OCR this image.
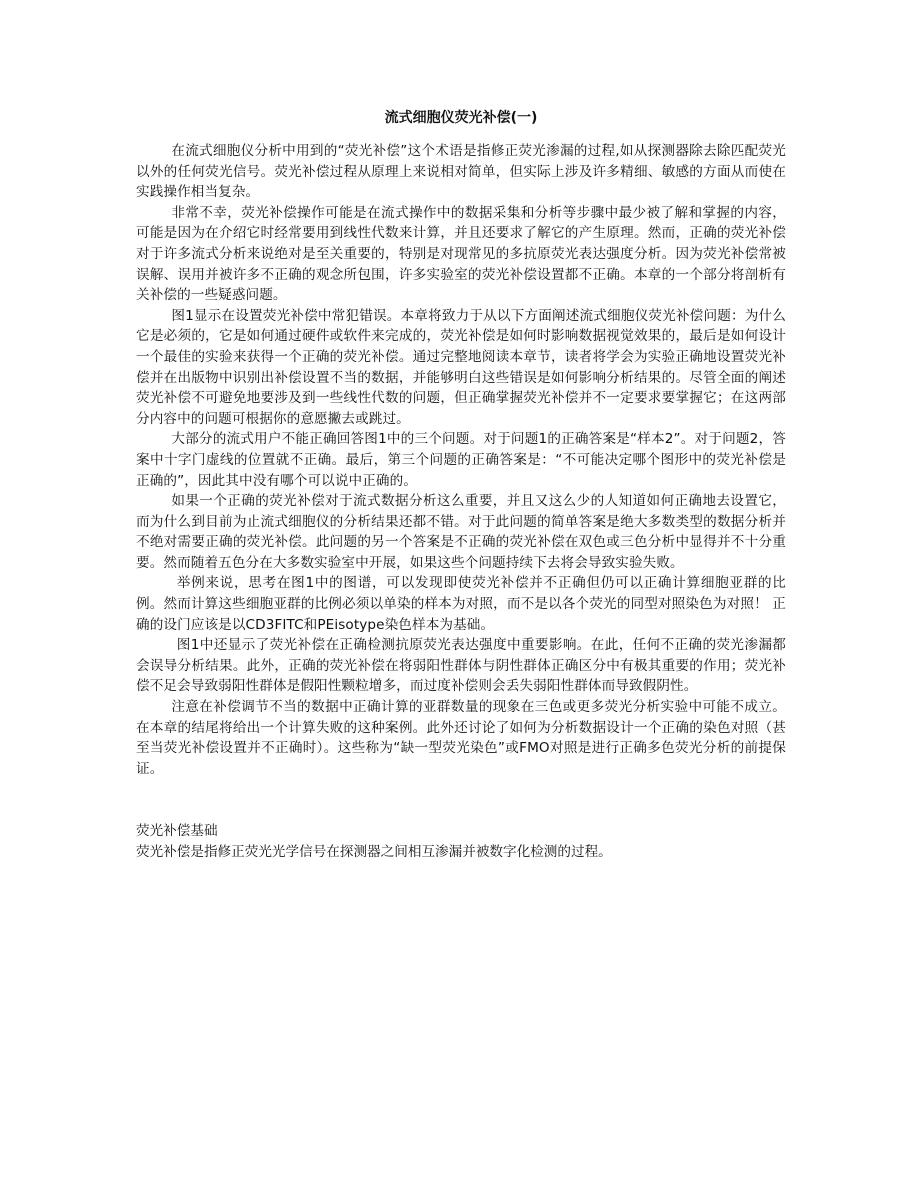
流式细胞仪荧光补偿(一)

在流式细胞仪分析中用到的“荧光补偿”这个术语是指修正荧光渗漏的过程,如从探测器除去除匹配荧光以外的任何荧光信号。荧光补偿过程从原理上来说相对简单，但实际上涉及许多精细、敏感的方面从而使在实践操作相当复杂。

非常不幸，荧光补偿操作可能是在流式操作中的数据采集和分析等步骤中最少被了解和掌握的内容，可能是因为在介绍它时经常要用到线性代数来计算，并且还要求了解它的产生原理。然而，正确的荧光补偿对于许多流式分析来说绝对是至关重要的，特别是对现常见的多抗原荧光表达强度分析。因为荧光补偿常被误解、误用并被许多不正确的观念所包围，许多实验室的荧光补偿设置都不正确。本章的一个部分将剖析有关补偿的一些疑惑问题。

图1显示在设置荧光补偿中常犯错误。本章将致力于从以下方面阐述流式细胞仪荧光补偿问题：为什么它是必须的，它是如何通过硬件或软件来完成的，荧光补偿是如何时影响数据视觉效果的，最后是如何设计一个最佳的实验来获得一个正确的荧光补偿。通过完整地阅读本章节，读者将学会为实验正确地设置荧光补偿并在出版物中识别出补偿设置不当的数据，并能够明白这些错误是如何影响分析结果的。尽管全面的阐述荧光补偿不可避免地要涉及到一些线性代数的问题，但正确掌握荧光补偿并不一定要求要掌握它；在这两部分内容中的问题可根据你的意愿撇去或跳过。

大部分的流式用户不能正确回答图1中的三个问题。对于问题1的正确答案是“样本2”。对于问题2，答案中十字门虚线的位置就不正确。最后，第三个问题的正确答案是：“不可能决定哪个图形中的荧光补偿是正确的”，因此其中没有哪个可以说中正确的。

如果一个正确的荧光补偿对于流式数据分析这么重要，并且又这么少的人知道如何正确地去设置它，而为什么到目前为止流式细胞仪的分析结果还都不错。对于此问题的简单答案是绝大多数类型的数据分析并不绝对需要正确的荧光补偿。此问题的另一个答案是不正确的荧光补偿在双色或三色分析中显得并不十分重要。然而随着五色分在大多数实验室中开展，如果这些个问题持续下去将会导致实验失败。

举例来说，思考在图1中的图谱，可以发现即使荧光补偿并不正确但仍可以正确计算细胞亚群的比例。然而计算这些细胞亚群的比例必须以单染的样本为对照，而不是以各个荧光的同型对照染色为对照！ 正确的设门应该是以CD3FITC和PEisotype染色样本为基础。

图1中还显示了荧光补偿在正确检测抗原荧光表达强度中重要影响。在此，任何不正确的荧光渗漏都会误导分析结果。此外，正确的荧光补偿在将弱阳性群体与阴性群体正确区分中有极其重要的作用；荧光补偿不足会导致弱阳性群体是假阳性颗粒增多，而过度补偿则会丢失弱阳性群体而导致假阴性。

注意在补偿调节不当的数据中正确计算的亚群数量的现象在三色或更多荧光分析实验中可能不成立。在本章的结尾将给出一个计算失败的这种案例。此外还讨论了如何为分析数据设计一个正确的染色对照（甚至当荧光补偿设置并不正确时）。这些称为“缺一型荧光染色”或FMO对照是进行正确多色荧光分析的前提保证。

荧光补偿基础

荧光补偿是指修正荧光光学信号在探测器之间相互渗漏并被数字化检测的过程。
